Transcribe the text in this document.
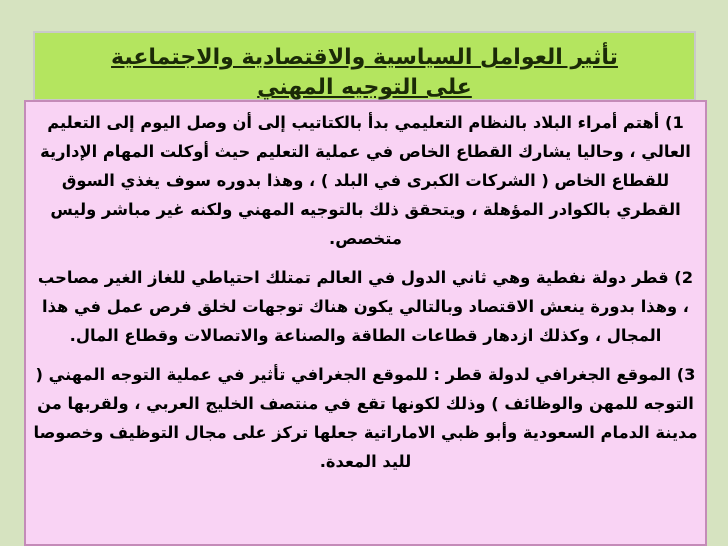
تأثير العوامل السياسية والاقتصادية والاجتماعية
على التوجيه المهني

1) أهتم أمراء البلاد بالنظام التعليمي بدأ بالكتاتيب إلى أن وصل اليوم إلى التعليم العالي ، وحاليا يشارك القطاع الخاص في عملية التعليم حيث أوكلت المهام الإدارية للقطاع الخاص ( الشركات الكبرى في البلد ) ، وهذا بدوره سوف يغذي السوق القطري بالكوادر المؤهلة ، ويتحقق ذلك بالتوجيه المهني ولكنه غير مباشر وليس متخصص.

2) قطر دولة نفطية وهي ثاني الدول في العالم تمتلك احتياطي للغاز الغير مصاحب ، وهذا بدورة ينعش الاقتصاد وبالتالي يكون هناك توجهات لخلق فرص عمل في هذا المجال ، وكذلك ازدهار قطاعات الطاقة والصناعة والاتصالات وقطاع المال.

3) الموقع الجغرافي لدولة قطر : للموقع الجغرافي تأثير في عملية التوجه المهني ( التوجه للمهن والوظائف ) وذلك لكونها تقع في منتصف الخليج العربي ، ولقربها من مدينة الدمام السعودية وأبو ظبي الاماراتية جعلها تركز على مجال التوظيف وخصوصا لليد المعدة.
